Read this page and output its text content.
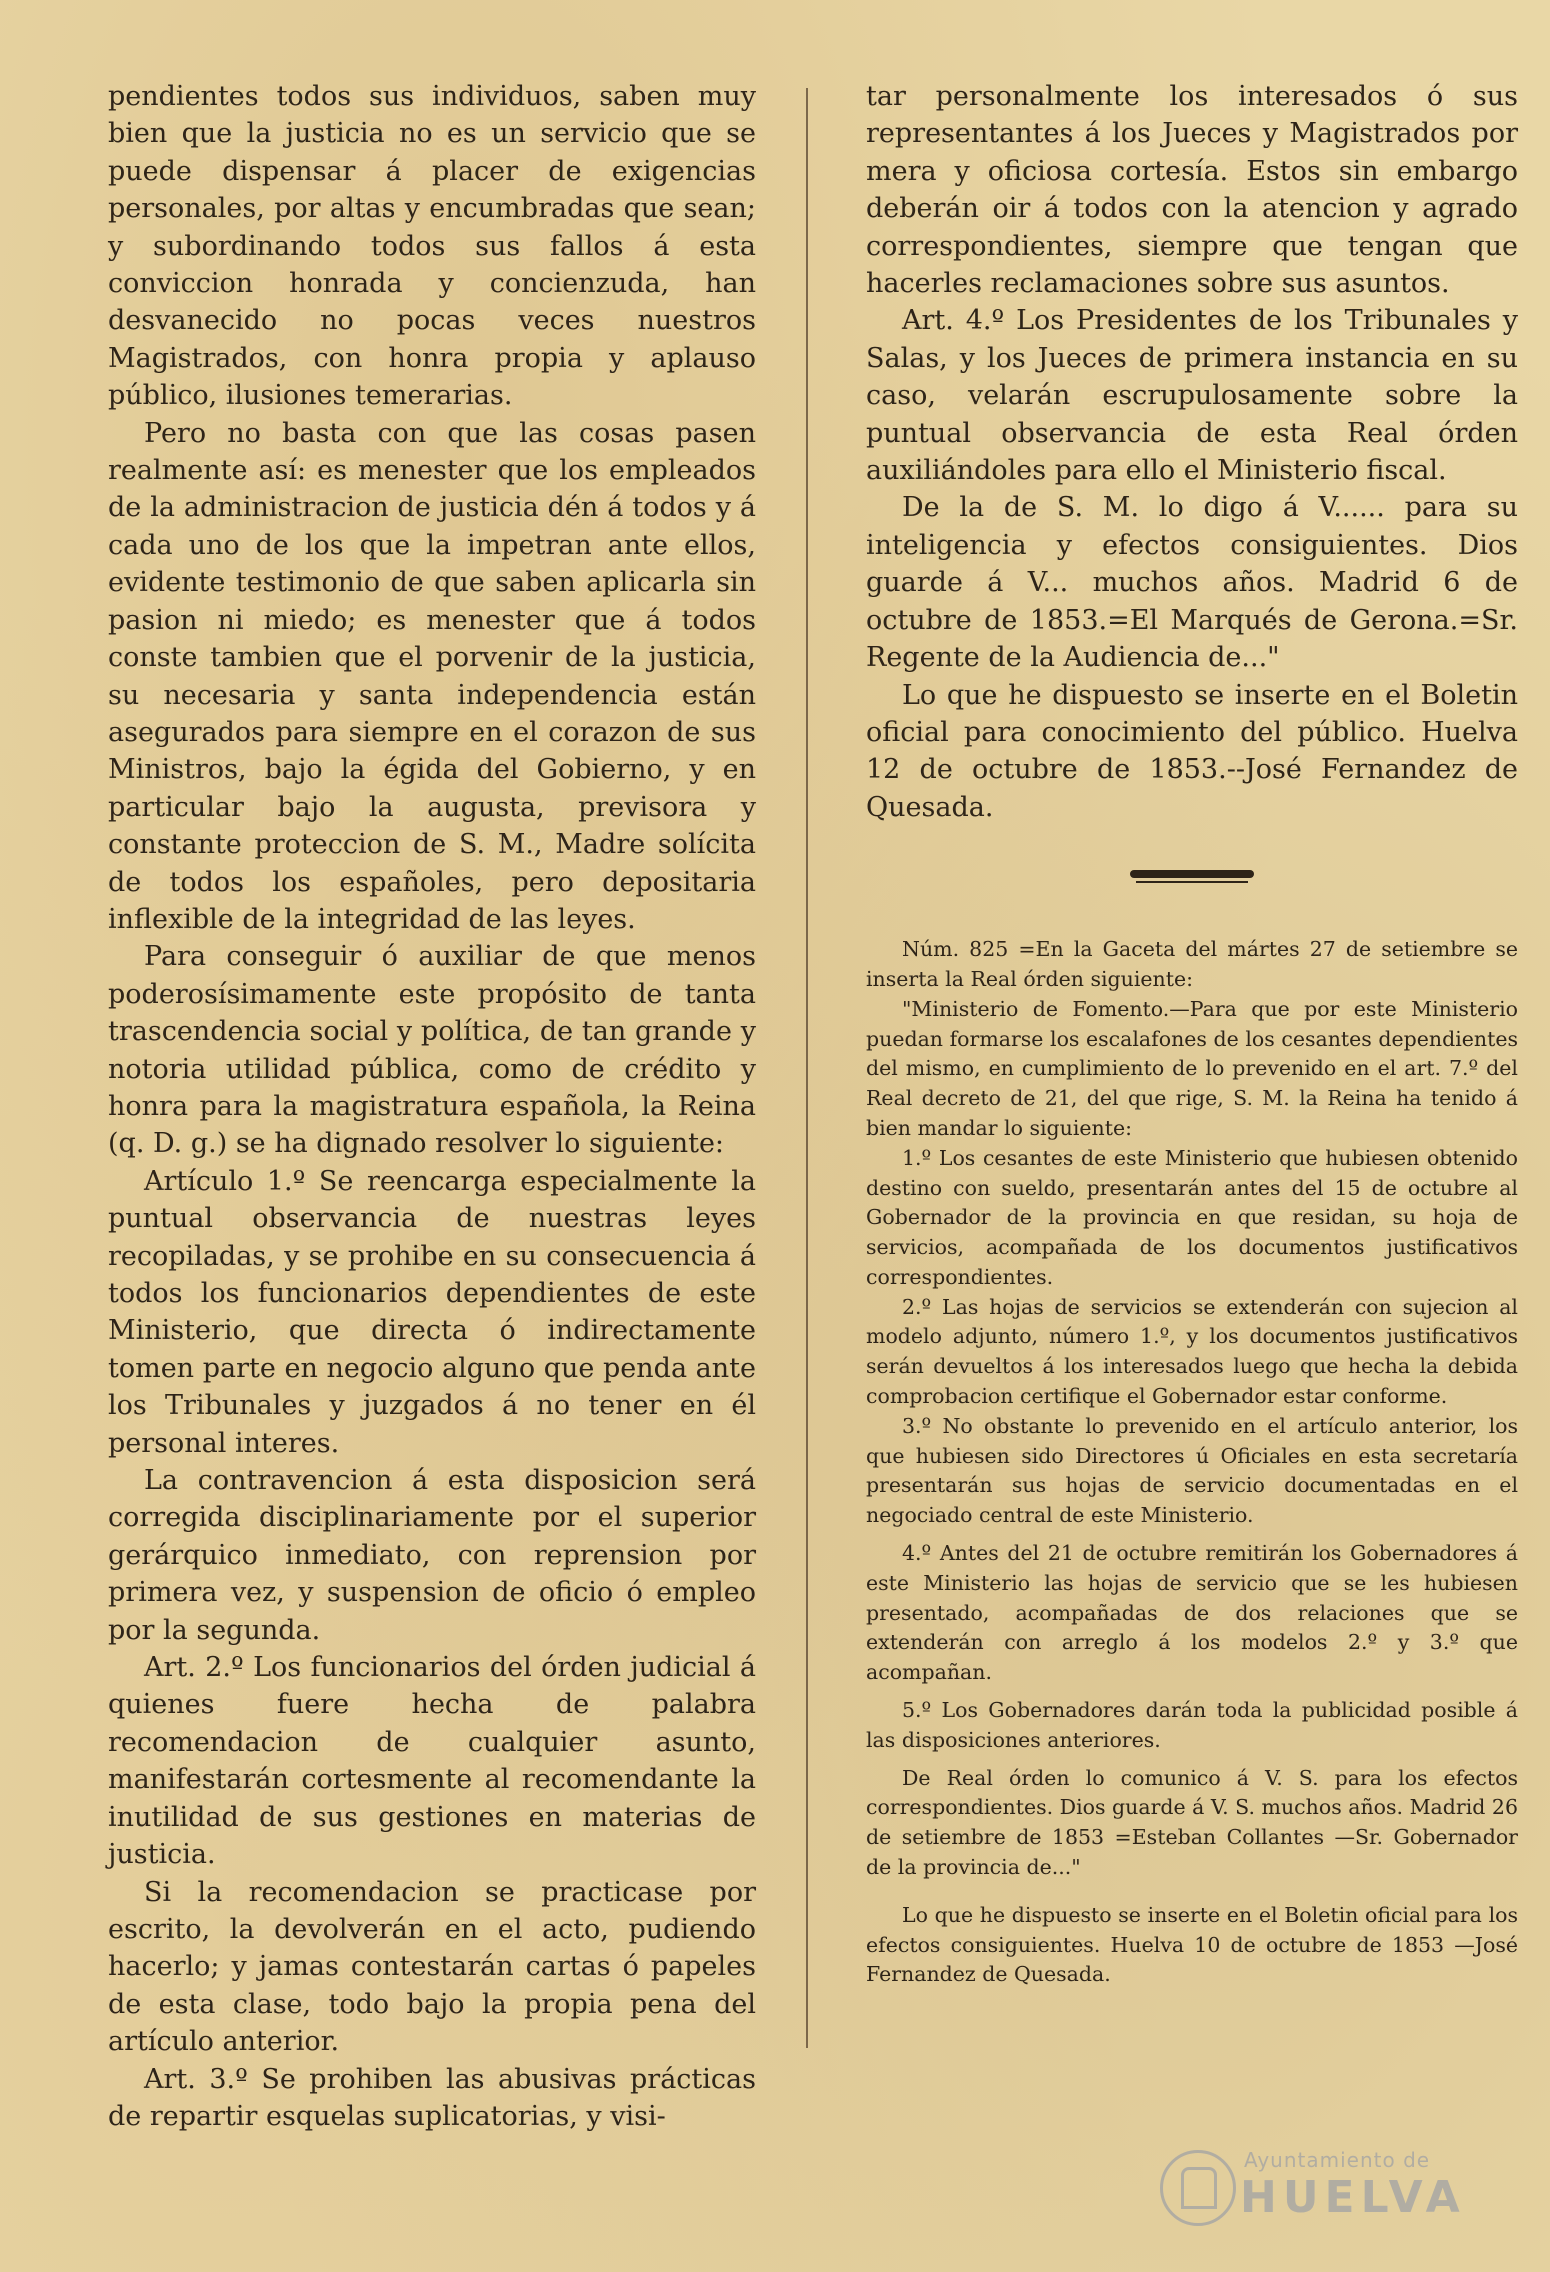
pendientes todos sus individuos, saben muy bien que la justicia no es un servicio que se puede dispensar á placer de exigencias personales, por altas y encumbradas que sean; y subordinando todos sus fallos á esta conviccion honrada y concienzuda, han desvanecido no pocas veces nuestros Magistrados, con honra propia y aplauso público, ilusiones temerarias.

Pero no basta con que las cosas pasen realmente así: es menester que los empleados de la administracion de justicia dén á todos y á cada uno de los que la impetran ante ellos, evidente testimonio de que saben aplicarla sin pasion ni miedo; es menester que á todos conste tambien que el porvenir de la justicia, su necesaria y santa independencia están asegurados para siempre en el corazon de sus Ministros, bajo la égida del Gobierno, y en particular bajo la augusta, previsora y constante proteccion de S. M., Madre solícita de todos los españoles, pero depositaria inflexible de la integridad de las leyes.

Para conseguir ó auxiliar de que menos poderosísimamente este propósito de tanta trascendencia social y política, de tan grande y notoria utilidad pública, como de crédito y honra para la magistratura española, la Reina (q. D. g.) se ha dignado resolver lo siguiente:

Artículo 1.º Se reencarga especialmente la puntual observancia de nuestras leyes recopiladas, y se prohibe en su consecuencia á todos los funcionarios dependientes de este Ministerio, que directa ó indirectamente tomen parte en negocio alguno que penda ante los Tribunales y juzgados á no tener en él personal interes.

La contravencion á esta disposicion será corregida disciplinariamente por el superior gerárquico inmediato, con reprension por primera vez, y suspension de oficio ó empleo por la segunda.

Art. 2.º Los funcionarios del órden judicial á quienes fuere hecha de palabra recomendacion de cualquier asunto, manifestarán cortesmente al recomendante la inutilidad de sus gestiones en materias de justicia.

Si la recomendacion se practicase por escrito, la devolverán en el acto, pudiendo hacerlo; y jamas contestarán cartas ó papeles de esta clase, todo bajo la propia pena del artículo anterior.

Art. 3.º Se prohiben las abusivas prácticas de repartir esquelas suplicatorias, y visi-

tar personalmente los interesados ó sus representantes á los Jueces y Magistrados por mera y oficiosa cortesía. Estos sin embargo deberán oir á todos con la atencion y agrado correspondientes, siempre que tengan que hacerles reclamaciones sobre sus asuntos.

Art. 4.º Los Presidentes de los Tribunales y Salas, y los Jueces de primera instancia en su caso, velarán escrupulosamente sobre la puntual observancia de esta Real órden auxiliándoles para ello el Ministerio fiscal.

De la de S. M. lo digo á V...... para su inteligencia y efectos consiguientes. Dios guarde á V... muchos años. Madrid 6 de octubre de 1853.=El Marqués de Gerona.=Sr. Regente de la Audiencia de..."

Lo que he dispuesto se inserte en el Boletin oficial para conocimiento del público. Huelva 12 de octubre de 1853.--José Fernandez de Quesada.

Núm. 825 =En la Gaceta del mártes 27 de setiembre se inserta la Real órden siguiente:

"Ministerio de Fomento.—Para que por este Ministerio puedan formarse los escalafones de los cesantes dependientes del mismo, en cumplimiento de lo prevenido en el art. 7.º del Real decreto de 21, del que rige, S. M. la Reina ha tenido á bien mandar lo siguiente:

1.º Los cesantes de este Ministerio que hubiesen obtenido destino con sueldo, presentarán antes del 15 de octubre al Gobernador de la provincia en que residan, su hoja de servicios, acompañada de los documentos justificativos correspondientes.

2.º Las hojas de servicios se extenderán con sujecion al modelo adjunto, número 1.º, y los documentos justificativos serán devueltos á los interesados luego que hecha la debida comprobacion certifique el Gobernador estar conforme.

3.º No obstante lo prevenido en el artículo anterior, los que hubiesen sido Directores ú Oficiales en esta secretaría presentarán sus hojas de servicio documentadas en el negociado central de este Ministerio.

4.º Antes del 21 de octubre remitirán los Gobernadores á este Ministerio las hojas de servicio que se les hubiesen presentado, acompañadas de dos relaciones que se extenderán con arreglo á los modelos 2.º y 3.º que acompañan.

5.º Los Gobernadores darán toda la publicidad posible á las disposiciones anteriores.

De Real órden lo comunico á V. S. para los efectos correspondientes. Dios guarde á V. S. muchos años. Madrid 26 de setiembre de 1853 =Esteban Collantes —Sr. Gobernador de la provincia de..."

Lo que he dispuesto se inserte en el Boletin oficial para los efectos consiguientes. Huelva 10 de octubre de 1853 —José Fernandez de Quesada.

Ayuntamiento de
HUELVA
